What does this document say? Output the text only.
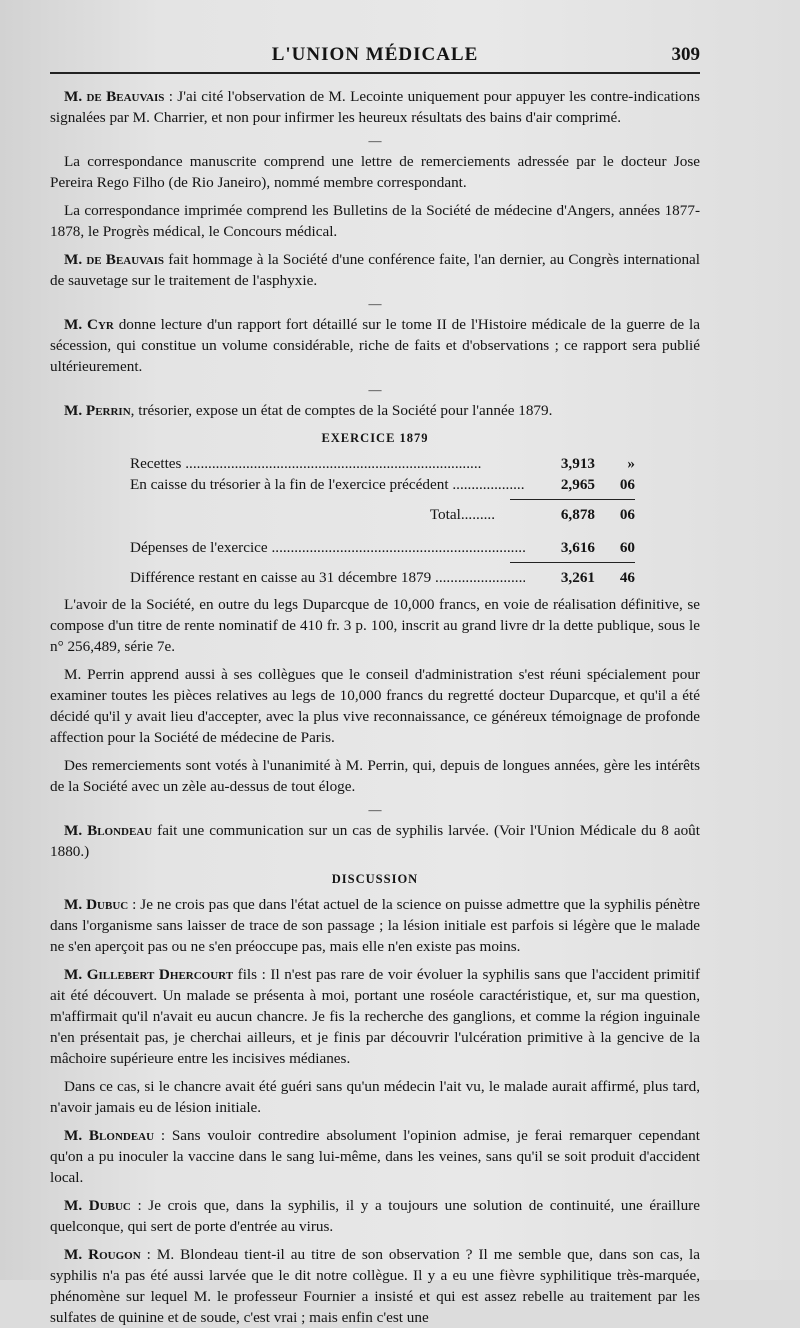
L'UNION MÉDICALE	309

M. de Beauvais : J'ai cité l'observation de M. Lecointe uniquement pour appuyer les contre-indications signalées par M. Charrier, et non pour infirmer les heureux résultats des bains d'air comprimé.

—

La correspondance manuscrite comprend une lettre de remerciements adressée par le docteur Jose Pereira Rego Filho (de Rio Janeiro), nommé membre correspondant.

La correspondance imprimée comprend les Bulletins de la Société de médecine d'Angers, années 1877-1878, le Progrès médical, le Concours médical.

M. de Beauvais fait hommage à la Société d'une conférence faite, l'an dernier, au Congrès international de sauvetage sur le traitement de l'asphyxie.

—

M. Cyr donne lecture d'un rapport fort détaillé sur le tome II de l'Histoire médicale de la guerre de la sécession, qui constitue un volume considérable, riche de faits et d'observations ; ce rapport sera publié ultérieurement.

—

M. Perrin, trésorier, expose un état de comptes de la Société pour l'année 1879.

EXERCICE 1879
Recettes .....	3,913	»
En caisse du trésorier à la fin de l'exercice précédent .....	2,965	06
Total .....	6,878	06
Dépenses de l'exercice .....	3,616	60
Différence restant en caisse au 31 décembre 1879 .....	3,261	46

L'avoir de la Société, en outre du legs Duparcque de 10,000 francs, en voie de réalisation définitive, se compose d'un titre de rente nominatif de 410 fr. 3 p. 100, inscrit au grand livre dr la dette publique, sous le n° 256,489, série 7e.

M. Perrin apprend aussi à ses collègues que le conseil d'administration s'est réuni spécialement pour examiner toutes les pièces relatives au legs de 10,000 francs du regretté docteur Duparcque, et qu'il a été décidé qu'il y avait lieu d'accepter, avec la plus vive reconnaissance, ce généreux témoignage de profonde affection pour la Société de médecine de Paris.

Des remerciements sont votés à l'unanimité à M. Perrin, qui, depuis de longues années, gère les intérêts de la Société avec un zèle au-dessus de tout éloge.

—

M. Blondeau fait une communication sur un cas de syphilis larvée. (Voir l'Union Médicale du 8 août 1880.)

DISCUSSION

M. Dubuc : Je ne crois pas que dans l'état actuel de la science on puisse admettre que la syphilis pénètre dans l'organisme sans laisser de trace de son passage ; la lésion initiale est parfois si légère que le malade ne s'en aperçoit pas ou ne s'en préoccupe pas, mais elle n'en existe pas moins.

M. Gillebert Dhercourt fils : Il n'est pas rare de voir évoluer la syphilis sans que l'accident primitif ait été découvert. Un malade se présenta à moi, portant une roséole caractéristique, et, sur ma question, m'affirmait qu'il n'avait eu aucun chancre. Je fis la recherche des ganglions, et comme la région inguinale n'en présentait pas, je cherchai ailleurs, et je finis par découvrir l'ulcération primitive à la gencive de la mâchoire supérieure entre les incisives médianes.

Dans ce cas, si le chancre avait été guéri sans qu'un médecin l'ait vu, le malade aurait affirmé, plus tard, n'avoir jamais eu de lésion initiale.

M. Blondeau : Sans vouloir contredire absolument l'opinion admise, je ferai remarquer cependant qu'on a pu inoculer la vaccine dans le sang lui-même, dans les veines, sans qu'il se soit produit d'accident local.

M. Dubuc : Je crois que, dans la syphilis, il y a toujours une solution de continuité, une éraillure quelconque, qui sert de porte d'entrée au virus.

M. Rougon : M. Blondeau tient-il au titre de son observation ? Il me semble que, dans son cas, la syphilis n'a pas été aussi larvée que le dit notre collègue. Il y a eu une fièvre syphilitique très-marquée, phénomène sur lequel M. le professeur Fournier a insisté et qui est assez rebelle au traitement par les sulfates de quinine et de soude, c'est vrai ; mais enfin c'est une
